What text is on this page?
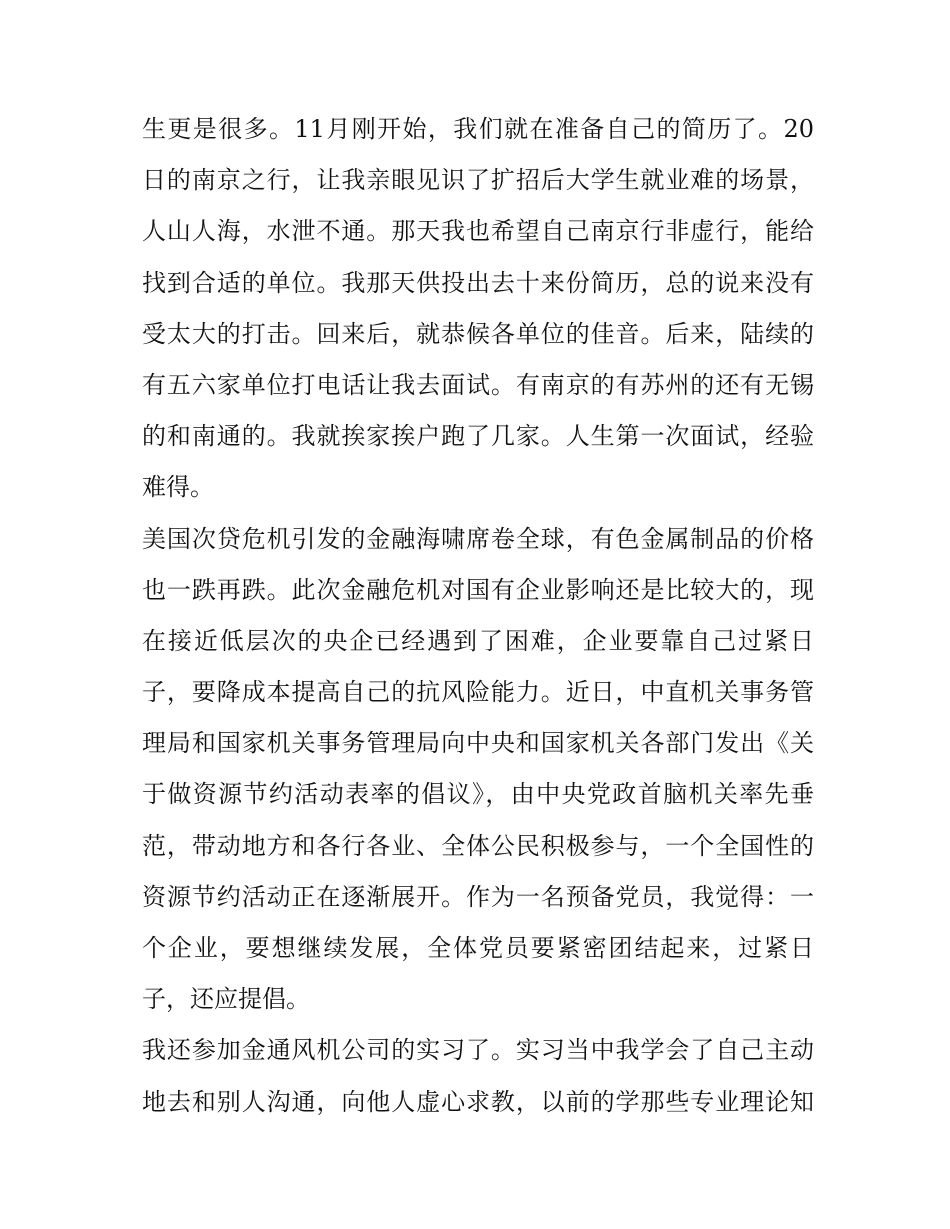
生更是很多。11月刚开始，我们就在准备自己的简历了。20
日的南京之行，让我亲眼见识了扩招后大学生就业难的场景，
人山人海，水泄不通。那天我也希望自己南京行非虚行，能给
找到合适的单位。我那天供投出去十来份简历，总的说来没有
受太大的打击。回来后，就恭候各单位的佳音。后来，陆续的
有五六家单位打电话让我去面试。有南京的有苏州的还有无锡
的和南通的。我就挨家挨户跑了几家。人生第一次面试，经验
难得。
美国次贷危机引发的金融海啸席卷全球，有色金属制品的价格
也一跌再跌。此次金融危机对国有企业影响还是比较大的，现
在接近低层次的央企已经遇到了困难，企业要靠自己过紧日
子，要降成本提高自己的抗风险能力。近日，中直机关事务管
理局和国家机关事务管理局向中央和国家机关各部门发出《关
于做资源节约活动表率的倡议》，由中央党政首脑机关率先垂
范，带动地方和各行各业、全体公民积极参与，一个全国性的
资源节约活动正在逐渐展开。作为一名预备党员，我觉得：一
个企业，要想继续发展，全体党员要紧密团结起来，过紧日
子，还应提倡。
我还参加金通风机公司的实习了。实习当中我学会了自己主动
地去和别人沟通，向他人虚心求教，以前的学那些专业理论知
